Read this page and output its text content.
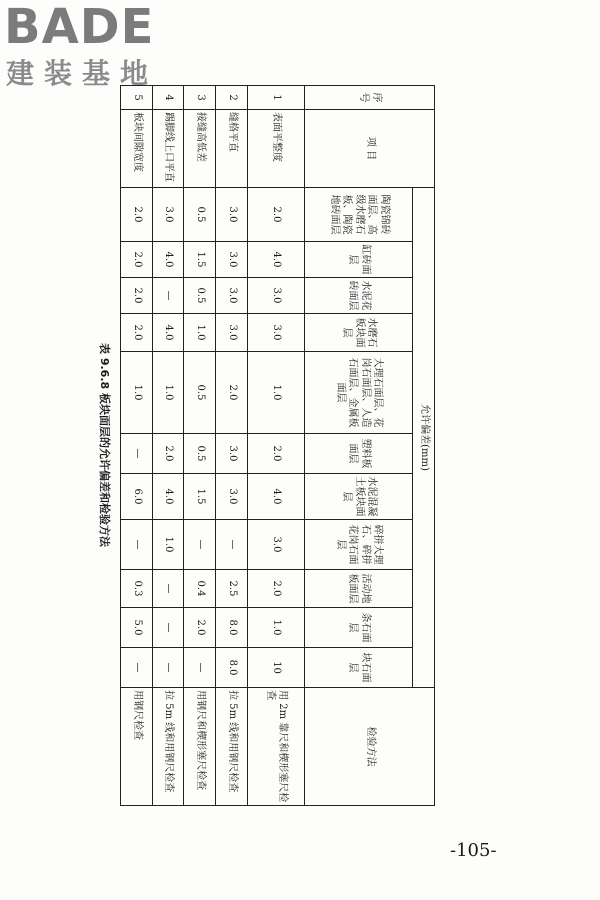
BADE
建装基地
序号	项 目	允许偏差(mm)											检验方法
		陶瓷锦砖面层、高级水磨石板、陶瓷地砖面层	缸砖面层	水泥花砖面层	水磨石板块面层	大理石面层、花岗石面层、人造石面层、金属板面层	塑料板面层	水泥混凝土板块面层	碎拼大理石、碎拼花岗石面层	活动地板面层	条石面层	块石面层	
1	表面平整度	2.0	4.0	3.0	3.0	1.0	2.0	4.0	3.0	2.0	1.0	10	用 2m 靠尺和楔形塞尺检查
2	缝格平直	3.0	3.0	3.0	3.0	2.0	3.0	3.0	—	2.5	8.0	8.0	拉 5m 线和用钢尺检查
3	接缝高低差	0.5	1.5	0.5	1.0	0.5	0.5	1.5	—	0.4	2.0	—	用钢尺和楔形塞尺检查
4	踢脚线上口平直	3.0	4.0	—	4.0	1.0	2.0	4.0	1.0	—	—	—	拉 5m 线和用钢尺检查
5	板块间隙宽度	2.0	2.0	2.0	2.0	1.0	—	6.0	—	0.3	5.0	—	用钢尺检查
表 9.6.8 板块面层的允许偏差和检验方法
-105-
